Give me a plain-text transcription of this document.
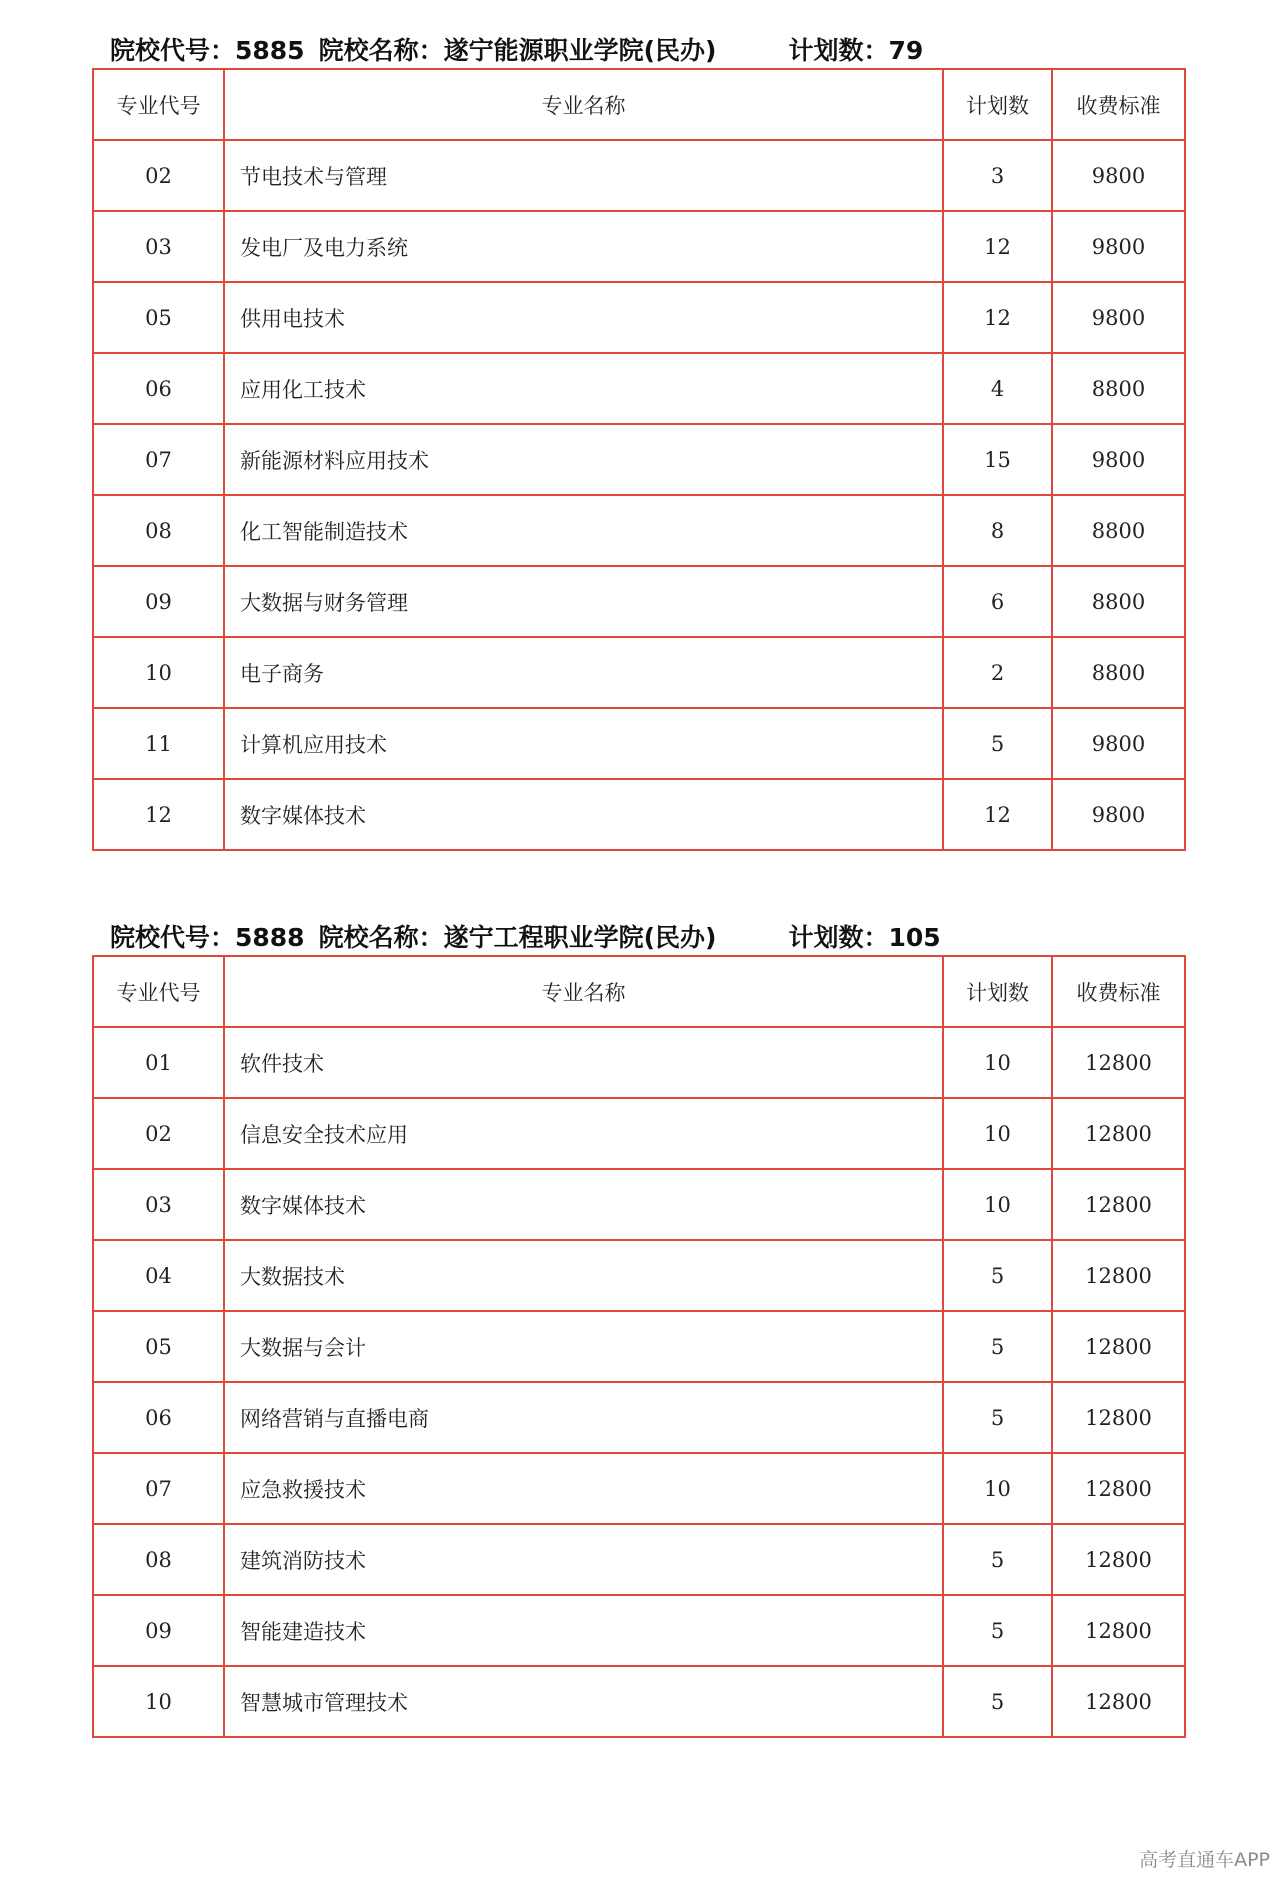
院校代号：5885 院校名称：遂宁能源职业学院(民办)	计划数：79
专业代号	专业名称	计划数	收费标准
02	节电技术与管理	3	9800
03	发电厂及电力系统	12	9800
05	供用电技术	12	9800
06	应用化工技术	4	8800
07	新能源材料应用技术	15	9800
08	化工智能制造技术	8	8800
09	大数据与财务管理	6	8800
10	电子商务	2	8800
11	计算机应用技术	5	9800
12	数字媒体技术	12	9800
院校代号：5888 院校名称：遂宁工程职业学院(民办)	计划数：105
专业代号	专业名称	计划数	收费标准
01	软件技术	10	12800
02	信息安全技术应用	10	12800
03	数字媒体技术	10	12800
04	大数据技术	5	12800
05	大数据与会计	5	12800
06	网络营销与直播电商	5	12800
07	应急救援技术	10	12800
08	建筑消防技术	5	12800
09	智能建造技术	5	12800
10	智慧城市管理技术	5	12800
高考直通车APP
